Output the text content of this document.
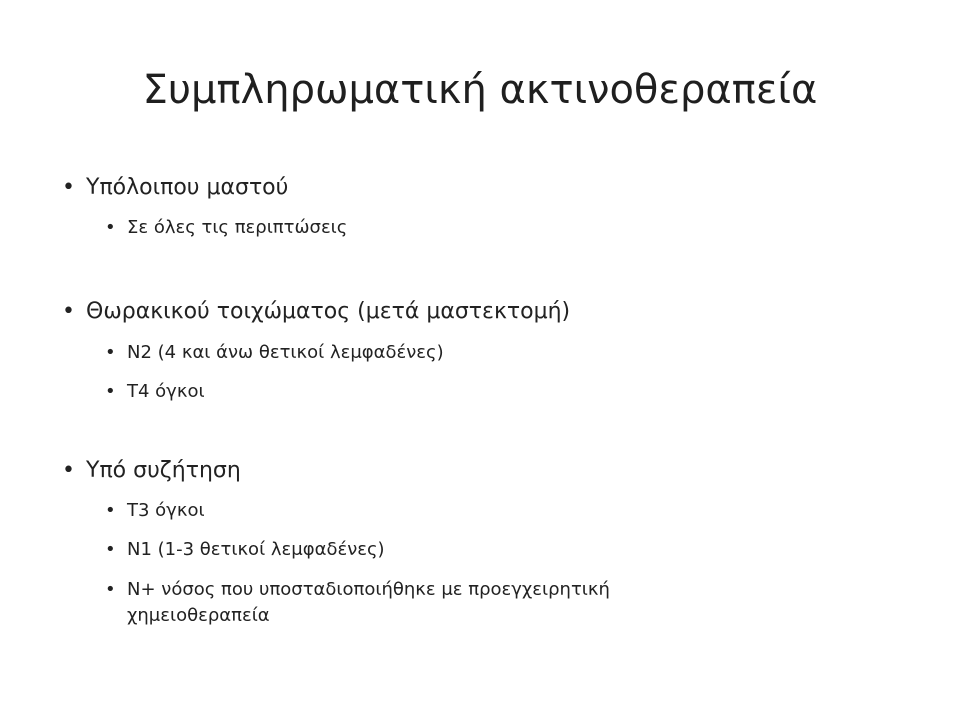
Συμπληρωματική ακτινοθεραπεία
• Υπόλοιπου μαστού
• Σε όλες τις περιπτώσεις
• Θωρακικού τοιχώματος (μετά μαστεκτομή)
• N2 (4 και άνω θετικοί λεμφαδένες)
• Τ4 όγκοι
• Υπό συζήτηση
• Τ3 όγκοι
• Ν1 (1-3 θετικοί λεμφαδένες)
• Ν+ νόσος που υποσταδιοποιήθηκε με προεγχειρητική
χημειοθεραπεία
